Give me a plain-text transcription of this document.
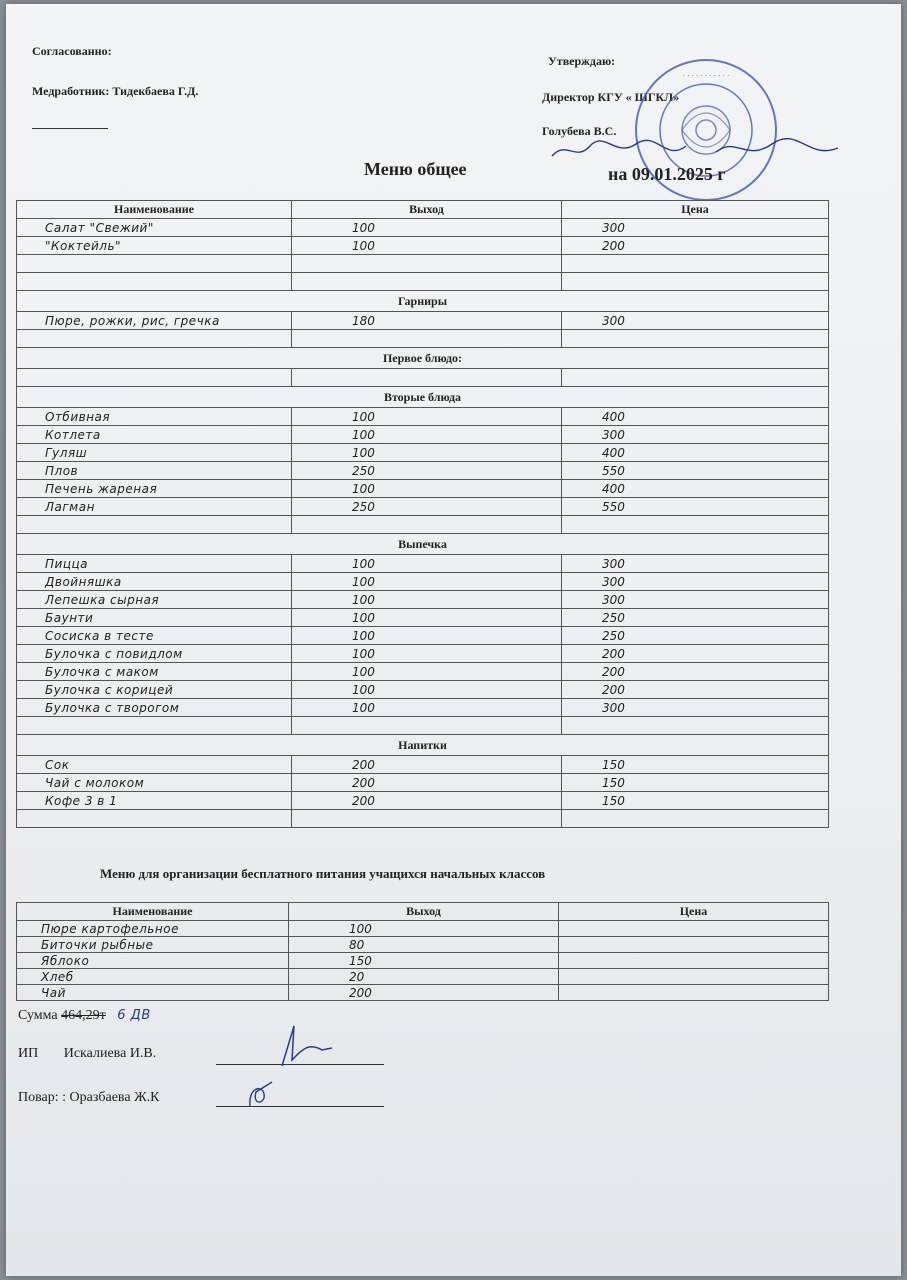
Согласованно:
Медработник: Тидекбаева Г.Д.
Утверждаю:
Директор КГУ « ШГКЛ»
Голубева В.С.
· · · · · · · · · · ·
Меню общее	на 09.01.2025 г
Наименование	Выход	Цена
Салат "Свежий"	100	300
"Коктейль"	100	200

Гарниры		
Пюре, рожки, рис, гречка	180	300

Первое блюдо:		

Вторые блюда		
Отбивная	100	400
Котлета	100	300
Гуляш	100	400
Плов	250	550
Печень жареная	100	400
Лагман	250	550

Выпечка		
Пицца	100	300
Двойняшка	100	300
Лепешка сырная	100	300
Баунти	100	250
Сосиска в тесте	100	250
Булочка с повидлом	100	200
Булочка с маком	100	200
Булочка с корицей	100	200
Булочка с творогом	100	300

Напитки		
Сок	200	150
Чай с молоком	200	150
Кофе 3 в 1	200	150

Меню для организации бесплатного питания учащихся начальных классов
Наименование	Выход	Цена
Пюре картофельное	100	
Биточки рыбные	80	
Яблоко	150	
Хлеб	20	
Чай	200	
Сумма 464,29т 6 ДВ
ИП Искалиева И.В.
Повар: : Оразбаева Ж.К
